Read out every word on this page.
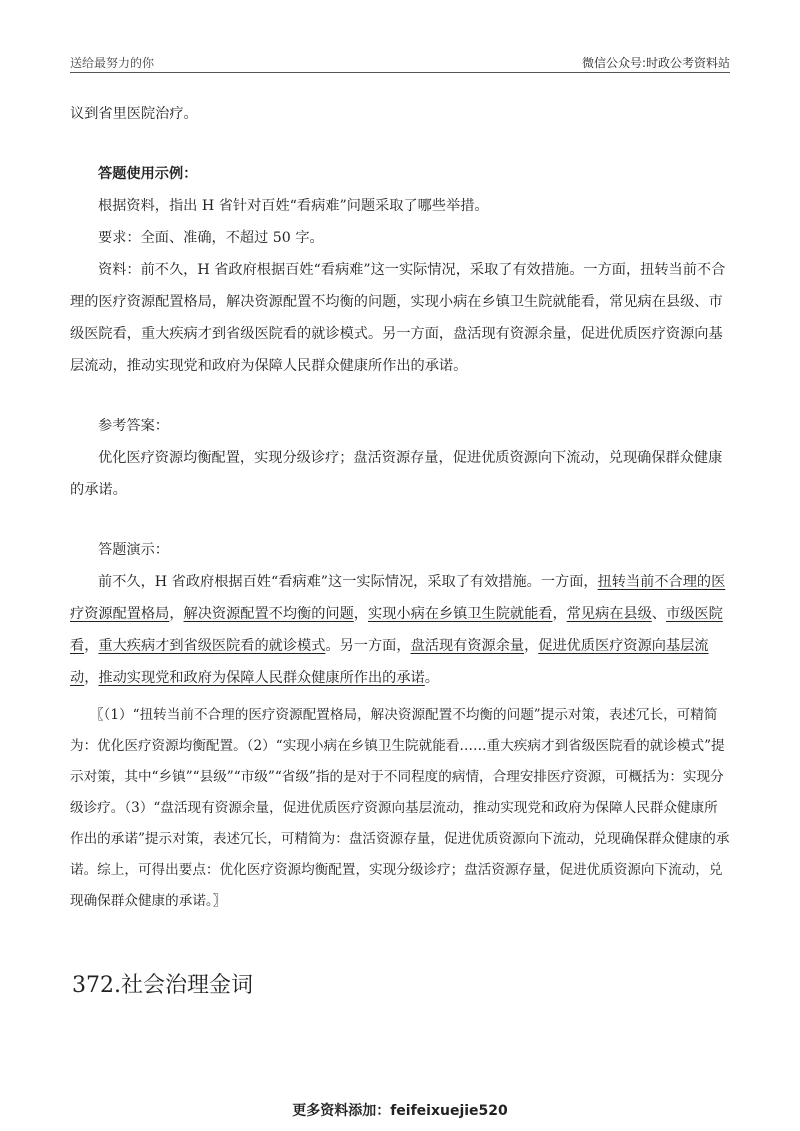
送给最努力的你	微信公众号:时政公考资料站

议到省里医院治疗。

答题使用示例：

根据资料，指出 H 省针对百姓“看病难”问题采取了哪些举措。

要求：全面、准确，不超过 50 字。

资料：前不久，H 省政府根据百姓“看病难”这一实际情况，采取了有效措施。一方面，扭转当前不合理的医疗资源配置格局，解决资源配置不均衡的问题，实现小病在乡镇卫生院就能看，常见病在县级、市级医院看，重大疾病才到省级医院看的就诊模式。另一方面，盘活现有资源余量，促进优质医疗资源向基层流动，推动实现党和政府为保障人民群众健康所作出的承诺。

参考答案：

优化医疗资源均衡配置，实现分级诊疗；盘活资源存量，促进优质资源向下流动，兑现确保群众健康的承诺。

答题演示：

前不久，H 省政府根据百姓“看病难”这一实际情况，采取了有效措施。一方面，扭转当前不合理的医疗资源配置格局，解决资源配置不均衡的问题，实现小病在乡镇卫生院就能看，常见病在县级、市级医院看，重大疾病才到省级医院看的就诊模式。另一方面，盘活现有资源余量，促进优质医疗资源向基层流动，推动实现党和政府为保障人民群众健康所作出的承诺。

〖（1）“扭转当前不合理的医疗资源配置格局，解决资源配置不均衡的问题”提示对策，表述冗长，可精简为：优化医疗资源均衡配置。（2）“实现小病在乡镇卫生院就能看……重大疾病才到省级医院看的就诊模式”提示对策，其中“乡镇”“县级”“市级”“省级”指的是对于不同程度的病情，合理安排医疗资源，可概括为：实现分级诊疗。（3）“盘活现有资源余量，促进优质医疗资源向基层流动，推动实现党和政府为保障人民群众健康所作出的承诺”提示对策，表述冗长，可精简为：盘活资源存量，促进优质资源向下流动，兑现确保群众健康的承诺。综上，可得出要点：优化医疗资源均衡配置，实现分级诊疗；盘活资源存量，促进优质资源向下流动，兑现确保群众健康的承诺。〗

372.社会治理金词
更多资料添加：feifeixuejie520
